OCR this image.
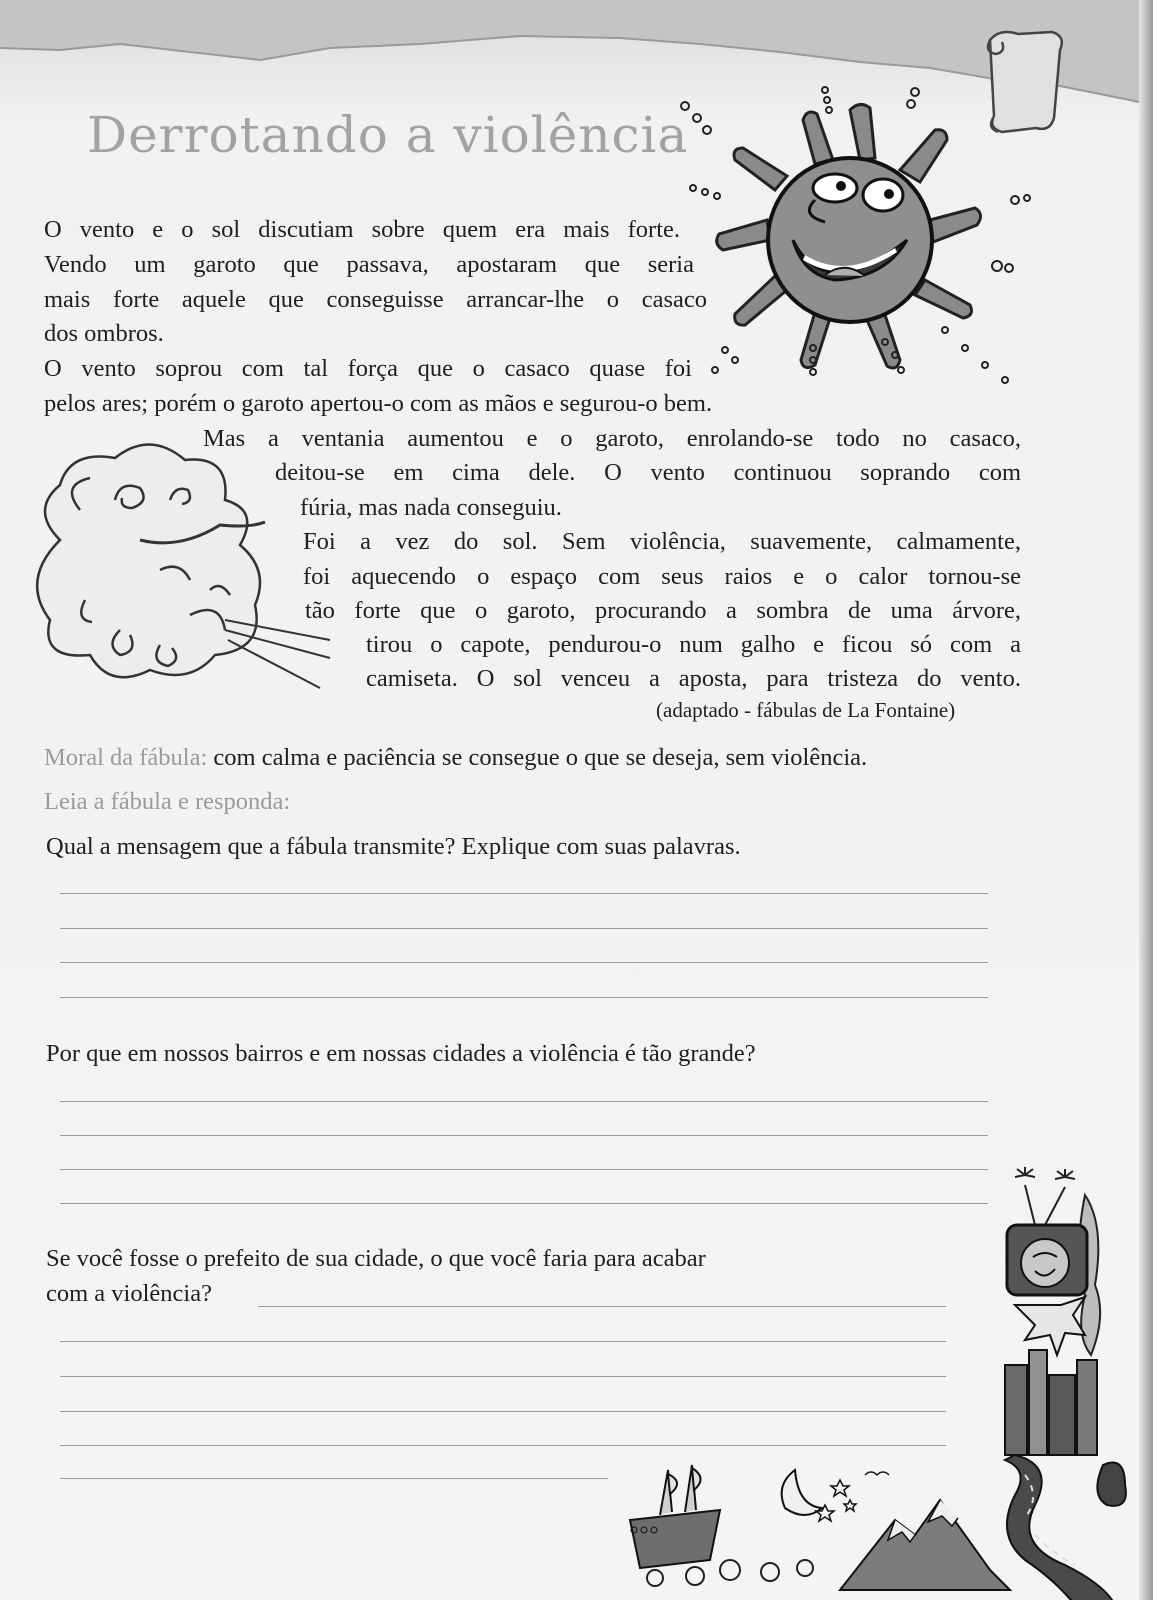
Derrotando a violência
O vento e o sol discutiam sobre quem era mais forte.
Vendo um garoto que passava, apostaram que seria
mais forte aquele que conseguisse arrancar-lhe o casaco
dos ombros.
O vento soprou com tal força que o casaco quase foi
pelos ares; porém o garoto apertou-o com as mãos e segurou-o bem.
Mas a ventania aumentou e o garoto, enrolando-se todo no casaco,
deitou-se em cima dele. O vento continuou soprando com
fúria, mas nada conseguiu.
Foi a vez do sol. Sem violência, suavemente, calmamente,
foi aquecendo o espaço com seus raios e o calor tornou-se
tão forte que o garoto, procurando a sombra de uma árvore,
tirou o capote, pendurou-o num galho e ficou só com a
camiseta. O sol venceu a aposta, para tristeza do vento.
(adaptado - fábulas de La Fontaine)
Moral da fábula: com calma e paciência se consegue o que se deseja, sem violência.
Leia a fábula e responda:
Qual a mensagem que a fábula transmite? Explique com suas palavras.
Por que em nossos bairros e em nossas cidades a violência é tão grande?
Se você fosse o prefeito de sua cidade, o que você faria para acabar
com a violência?
